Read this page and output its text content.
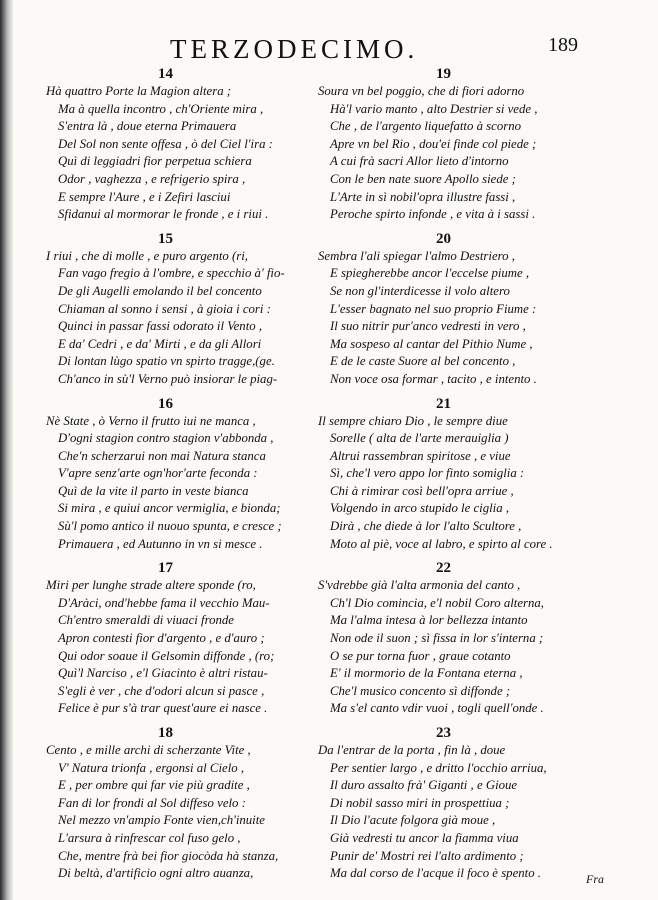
TERZODECIMO.	189
14
Hà quattro Porte la Magion altera ;
Ma à quella incontro , ch'Oriente mira ,
S'entra là , doue eterna Primauera
Del Sol non sente offesa , ò del Ciel l'ira :
Quì di leggiadri fior perpetua schiera
Odor , vaghezza , e refrigerio spira ,
E sempre l'Aure , e i Zefiri lasciui
Sfidanui al mormorar le fronde , e i riui .
15
I riui , che di molle , e puro argento (ri,
Fan vago fregio à l'ombre, e specchio à' fio-
De gli Augelli emolando il bel concento
Chiaman al sonno i sensi , à gioia i cori :
Quinci in passar fassi odorato il Vento ,
E da' Cedri , e da' Mirti , e da gli Allori
Di lontan lùgo spatio vn spirto tragge,(ge.
Ch'anco in sù'l Verno può insiorar le piag-
16
Nè State , ò Verno il frutto iui ne manca ,
D'ogni stagion contro stagion v'abbonda ,
Che'n scherzarui non mai Natura stanca
V'apre senz'arte ogn'hor'arte feconda :
Quì de la vite il parto in veste bianca
Si mira , e quiui ancor vermiglia, e bionda;
Sù'l pomo antico il nuouo spunta, e cresce ;
Primauera , ed Autunno in vn si mesce .
17
Miri per lunghe strade altere sponde (ro,
D'Aràci, ond'hebbe fama il vecchio Mau-
Ch'entro smeraldi di viuaci fronde
Apron contesti fior d'argento , e d'auro ;
Qui odor soaue il Gelsomin diffonde , (ro;
Quì'l Narciso , e'l Giacinto è altri ristau-
S'egli è ver , che d'odori alcun si pasce ,
Felice è pur s'à trar quest'aure ei nasce .
18
Cento , e mille archi di scherzante Vite ,
V' Natura trionfa , ergonsi al Cielo ,
E , per ombre qui far vie più gradite ,
Fan di lor frondi al Sol diffeso velo :
Nel mezzo vn'ampio Fonte vien,ch'inuite
L'arsura à rinfrescar col fuso gelo ,
Che, mentre frà bei fior giocòda hà stanza,
Di beltà, d'artificio ogni altro auanza,
19
Soura vn bel poggio, che di fiori adorno
Hà'l vario manto , alto Destrier si vede ,
Che , de l'argento liquefatto à scorno
Apre vn bel Rio , dou'ei finde col piede ;
A cui frà sacri Allor lieto d'intorno
Con le ben nate suore Apollo siede ;
L'Arte in sì nobil'opra illustre fassi ,
Peroche spirto infonde , e vita à i sassi .
20
Sembra l'ali spiegar l'almo Destriero ,
E spiegherebbe ancor l'eccelse piume ,
Se non gl'interdicesse il volo altero
L'esser bagnato nel suo proprio Fiume :
Il suo nitrir pur'anco vedresti in vero ,
Ma sospeso al cantar del Pithio Nume ,
E de le caste Suore al bel concento ,
Non voce osa formar , tacito , e intento .
21
Il sempre chiaro Dio , le sempre diue
Sorelle ( alta de l'arte merauiglia )
Altrui rassembran spiritose , e viue
Sì, che'l vero appo lor finto somiglia :
Chi à rimirar così bell'opra arriue ,
Volgendo in arco stupido le ciglia ,
Dirà , che diede à lor l'alto Scultore ,
Moto al piè, voce al labro, e spirto al core .
22
S'vdrebbe già l'alta armonia del canto ,
Ch'l Dio comincia, e'l nobil Coro alterna,
Ma l'alma intesa à lor bellezza intanto
Non ode il suon ; sì fissa in lor s'interna ;
O se pur torna fuor , graue cotanto
E' il mormorio de la Fontana eterna ,
Che'l musico concento sì diffonde ;
Ma s'el canto vdir vuoi , togli quell'onde .
23
Da l'entrar de la porta , fin là , doue
Per sentier largo , e dritto l'occhio arriua,
Il duro assalto frà' Giganti , e Gioue
Di nobil sasso miri in prospettiua ;
Il Dio l'acute folgora già moue ,
Già vedresti tu ancor la fiamma viua
Punir de' Mostri rei l'alto ardimento ;
Ma dal corso de l'acque il foco è spento .	Fra
